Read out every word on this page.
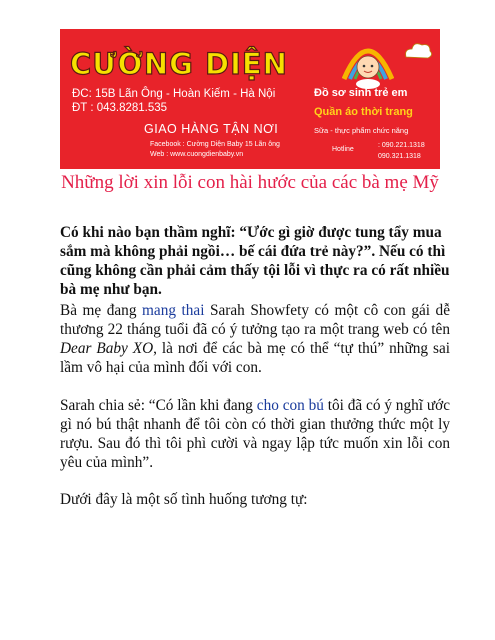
CƯỜNG DIỆN
ĐC: 15B Lãn Ông - Hoàn Kiếm - Hà Nội
ĐT : 043.8281.535
GIAO HÀNG TẬN NƠI
Facebook : Cường Diện Baby 15 Lãn ông
Web : www.cuongdienbaby.vn
Đồ sơ sinh trẻ em
Quần áo thời trang
Sữa - thực phẩm chức năng
Hotline
: 090.221.1318
090.321.1318
Những lời xin lỗi con hài hước của các bà mẹ Mỹ
Có khi nào bạn thầm nghĩ: “Ước gì giờ được tung tẩy mua sắm mà không phải ngồi… bế cái đứa trẻ này?”. Nếu có thì cũng không cần phải cảm thấy tội lỗi vì thực ra có rất nhiều bà mẹ như bạn.
Bà mẹ đang mang thai Sarah Showfety có một cô con gái dễ thương 22 tháng tuổi đã có ý tưởng tạo ra một trang web có tên Dear Baby XO, là nơi để các bà mẹ có thể “tự thú” những sai lầm vô hại của mình đối với con.
Sarah chia sẻ: “Có lần khi đang cho con bú tôi đã có ý nghĩ ước gì nó bú thật nhanh để tôi còn có thời gian thưởng thức một ly rượu. Sau đó thì tôi phì cười và ngay lập tức muốn xin lỗi con yêu của mình”.
Dưới đây là một số tình huống tương tự:
